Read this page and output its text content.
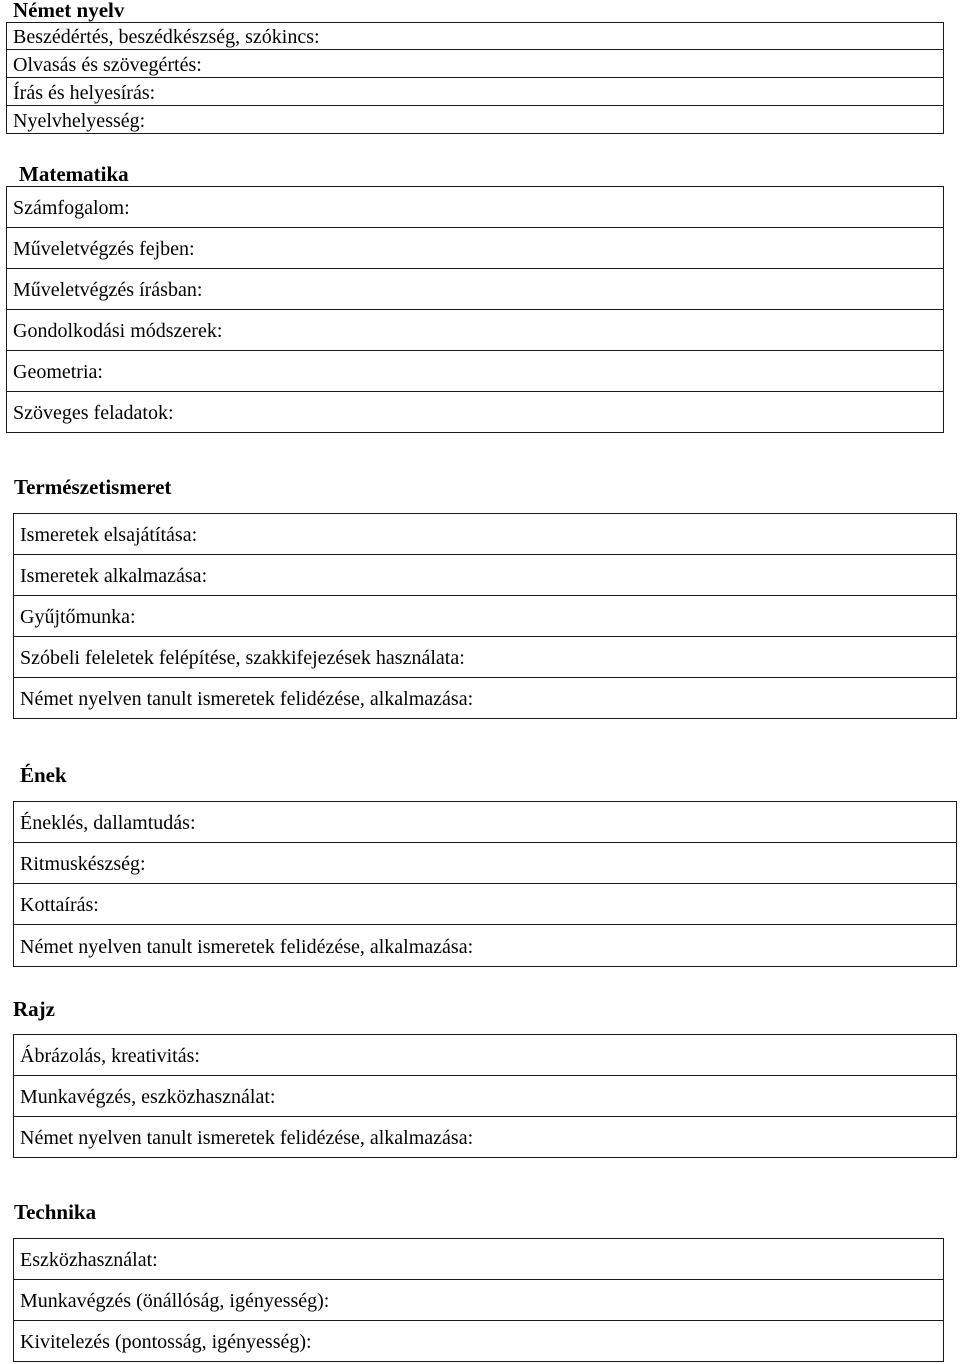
Német nyelv
Beszédértés, beszédkészség, szókincs:
Olvasás és szövegértés:
Írás és helyesírás:
Nyelvhelyesség:
Matematika
Számfogalom:
Műveletvégzés fejben:
Műveletvégzés írásban:
Gondolkodási módszerek:
Geometria:
Szöveges feladatok:
Természetismeret
Ismeretek elsajátítása:
Ismeretek alkalmazása:
Gyűjtőmunka:
Szóbeli feleletek felépítése, szakkifejezések használata:
Német nyelven tanult ismeretek felidézése, alkalmazása:
Ének
Éneklés, dallamtudás:
Ritmuskészség:
Kottaírás:
Német nyelven tanult ismeretek felidézése, alkalmazása:
Rajz
Ábrázolás, kreativitás:
Munkavégzés, eszközhasználat:
Német nyelven tanult ismeretek felidézése, alkalmazása:
Technika
Eszközhasználat:
Munkavégzés (önállóság, igényesség):
Kivitelezés (pontosság, igényesség):
